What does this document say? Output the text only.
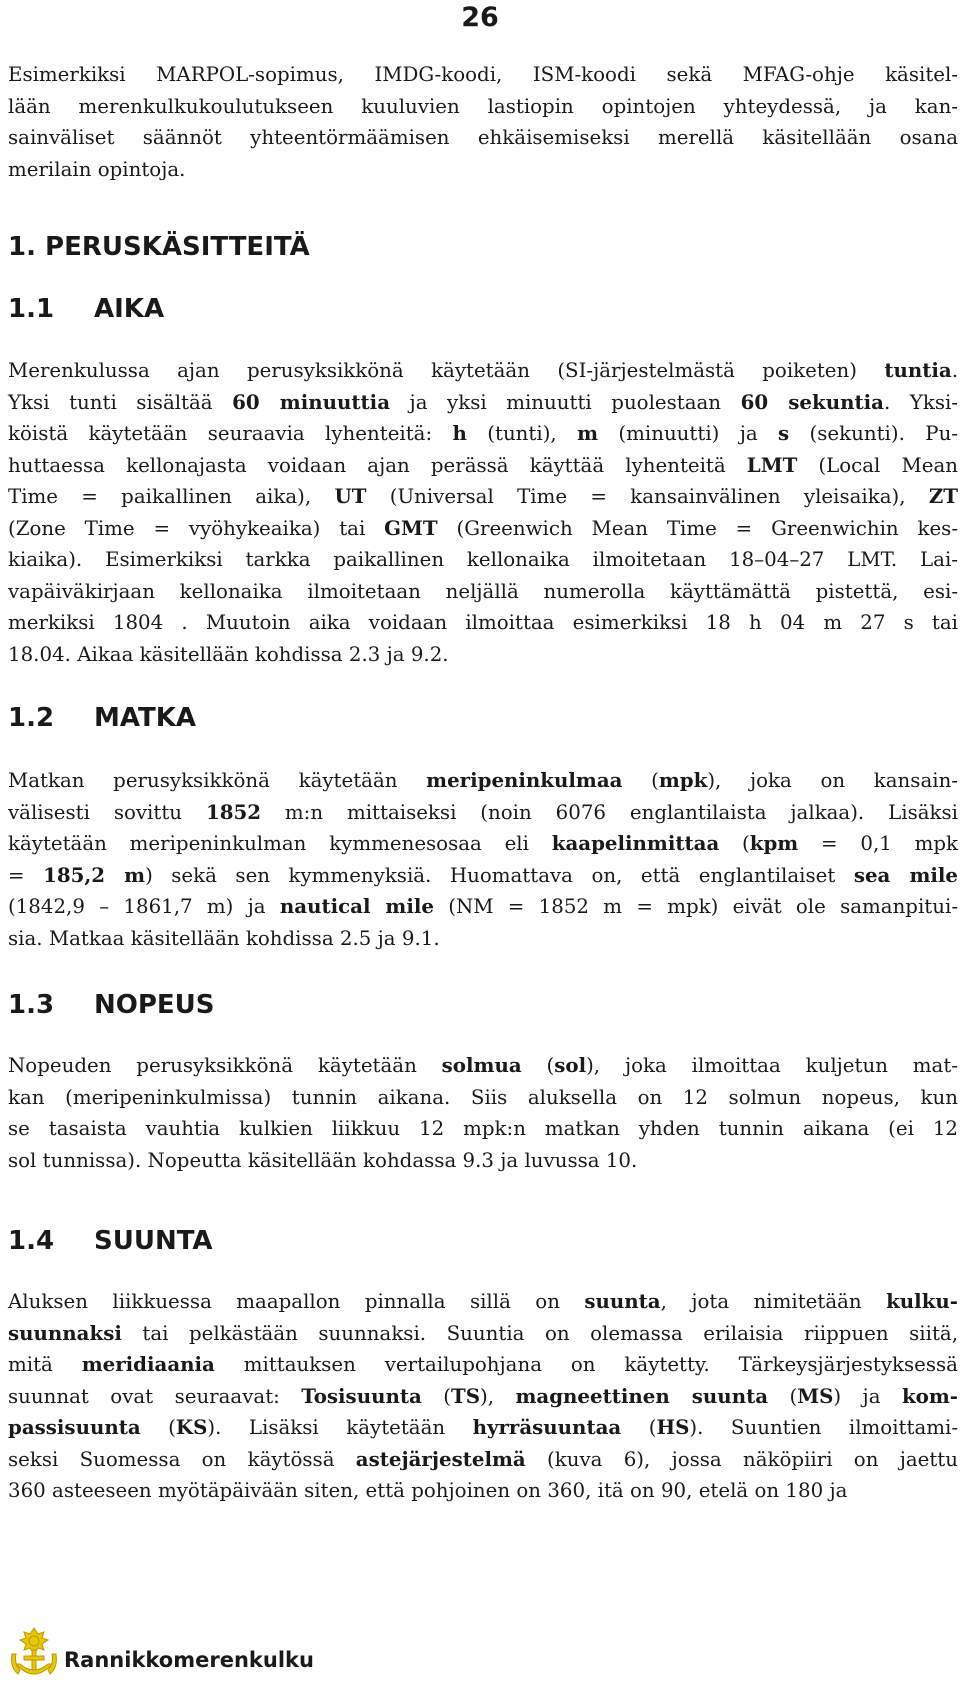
26
Esimerkiksi MARPOL-sopimus, IMDG-koodi, ISM-koodi sekä MFAG-ohje käsitel-
lään merenkulkukoulutukseen kuuluvien lastiopin opintojen yhteydessä, ja kan-
sainväliset säännöt yhteentörmäämisen ehkäisemiseksi merellä käsitellään osana
merilain opintoja.
1. PERUSKÄSITTEITÄ
1.1 AIKA
Merenkulussa ajan perusyksikkönä käytetään (SI-järjestelmästä poiketen) tuntia.
Yksi tunti sisältää 60 minuuttia ja yksi minuutti puolestaan 60 sekuntia. Yksi-
köistä käytetään seuraavia lyhenteitä: h (tunti), m (minuutti) ja s (sekunti). Pu-
huttaessa kellonajasta voidaan ajan perässä käyttää lyhenteitä LMT (Local Mean
Time = paikallinen aika), UT (Universal Time = kansainvälinen yleisaika), ZT
(Zone Time = vyöhykeaika) tai GMT (Greenwich Mean Time = Greenwichin kes-
kiaika). Esimerkiksi tarkka paikallinen kellonaika ilmoitetaan 18–04–27 LMT. Lai-
vapäiväkirjaan kellonaika ilmoitetaan neljällä numerolla käyttämättä pistettä, esi-
merkiksi 1804 . Muutoin aika voidaan ilmoittaa esimerkiksi 18 h 04 m 27 s tai
18.04. Aikaa käsitellään kohdissa 2.3 ja 9.2.
1.2 MATKA
Matkan perusyksikkönä käytetään meripeninkulmaa (mpk), joka on kansain-
välisesti sovittu 1852 m:n mittaiseksi (noin 6076 englantilaista jalkaa). Lisäksi
käytetään meripeninkulman kymmenesosaa eli kaapelinmittaa (kpm = 0,1 mpk
= 185,2 m) sekä sen kymmenyksiä. Huomattava on, että englantilaiset sea mile
(1842,9 – 1861,7 m) ja nautical mile (NM = 1852 m = mpk) eivät ole samanpitui-
sia. Matkaa käsitellään kohdissa 2.5 ja 9.1.
1.3 NOPEUS
Nopeuden perusyksikkönä käytetään solmua (sol), joka ilmoittaa kuljetun mat-
kan (meripeninkulmissa) tunnin aikana. Siis aluksella on 12 solmun nopeus, kun
se tasaista vauhtia kulkien liikkuu 12 mpk:n matkan yhden tunnin aikana (ei 12
sol tunnissa). Nopeutta käsitellään kohdassa 9.3 ja luvussa 10.
1.4 SUUNTA
Aluksen liikkuessa maapallon pinnalla sillä on suunta, jota nimitetään kulku-
suunnaksi tai pelkästään suunnaksi. Suuntia on olemassa erilaisia riippuen siitä,
mitä meridiaania mittauksen vertailupohjana on käytetty. Tärkeysjärjestyksessä
suunnat ovat seuraavat: Tosisuunta (TS), magneettinen suunta (MS) ja kom-
passisuunta (KS). Lisäksi käytetään hyrräsuuntaa (HS). Suuntien ilmoittami-
seksi Suomessa on käytössä astejärjestelmä (kuva 6), jossa näköpiiri on jaettu
360 asteeseen myötäpäivään siten, että pohjoinen on 360, itä on 90, etelä on 180 ja
Rannikkomerenkulku
